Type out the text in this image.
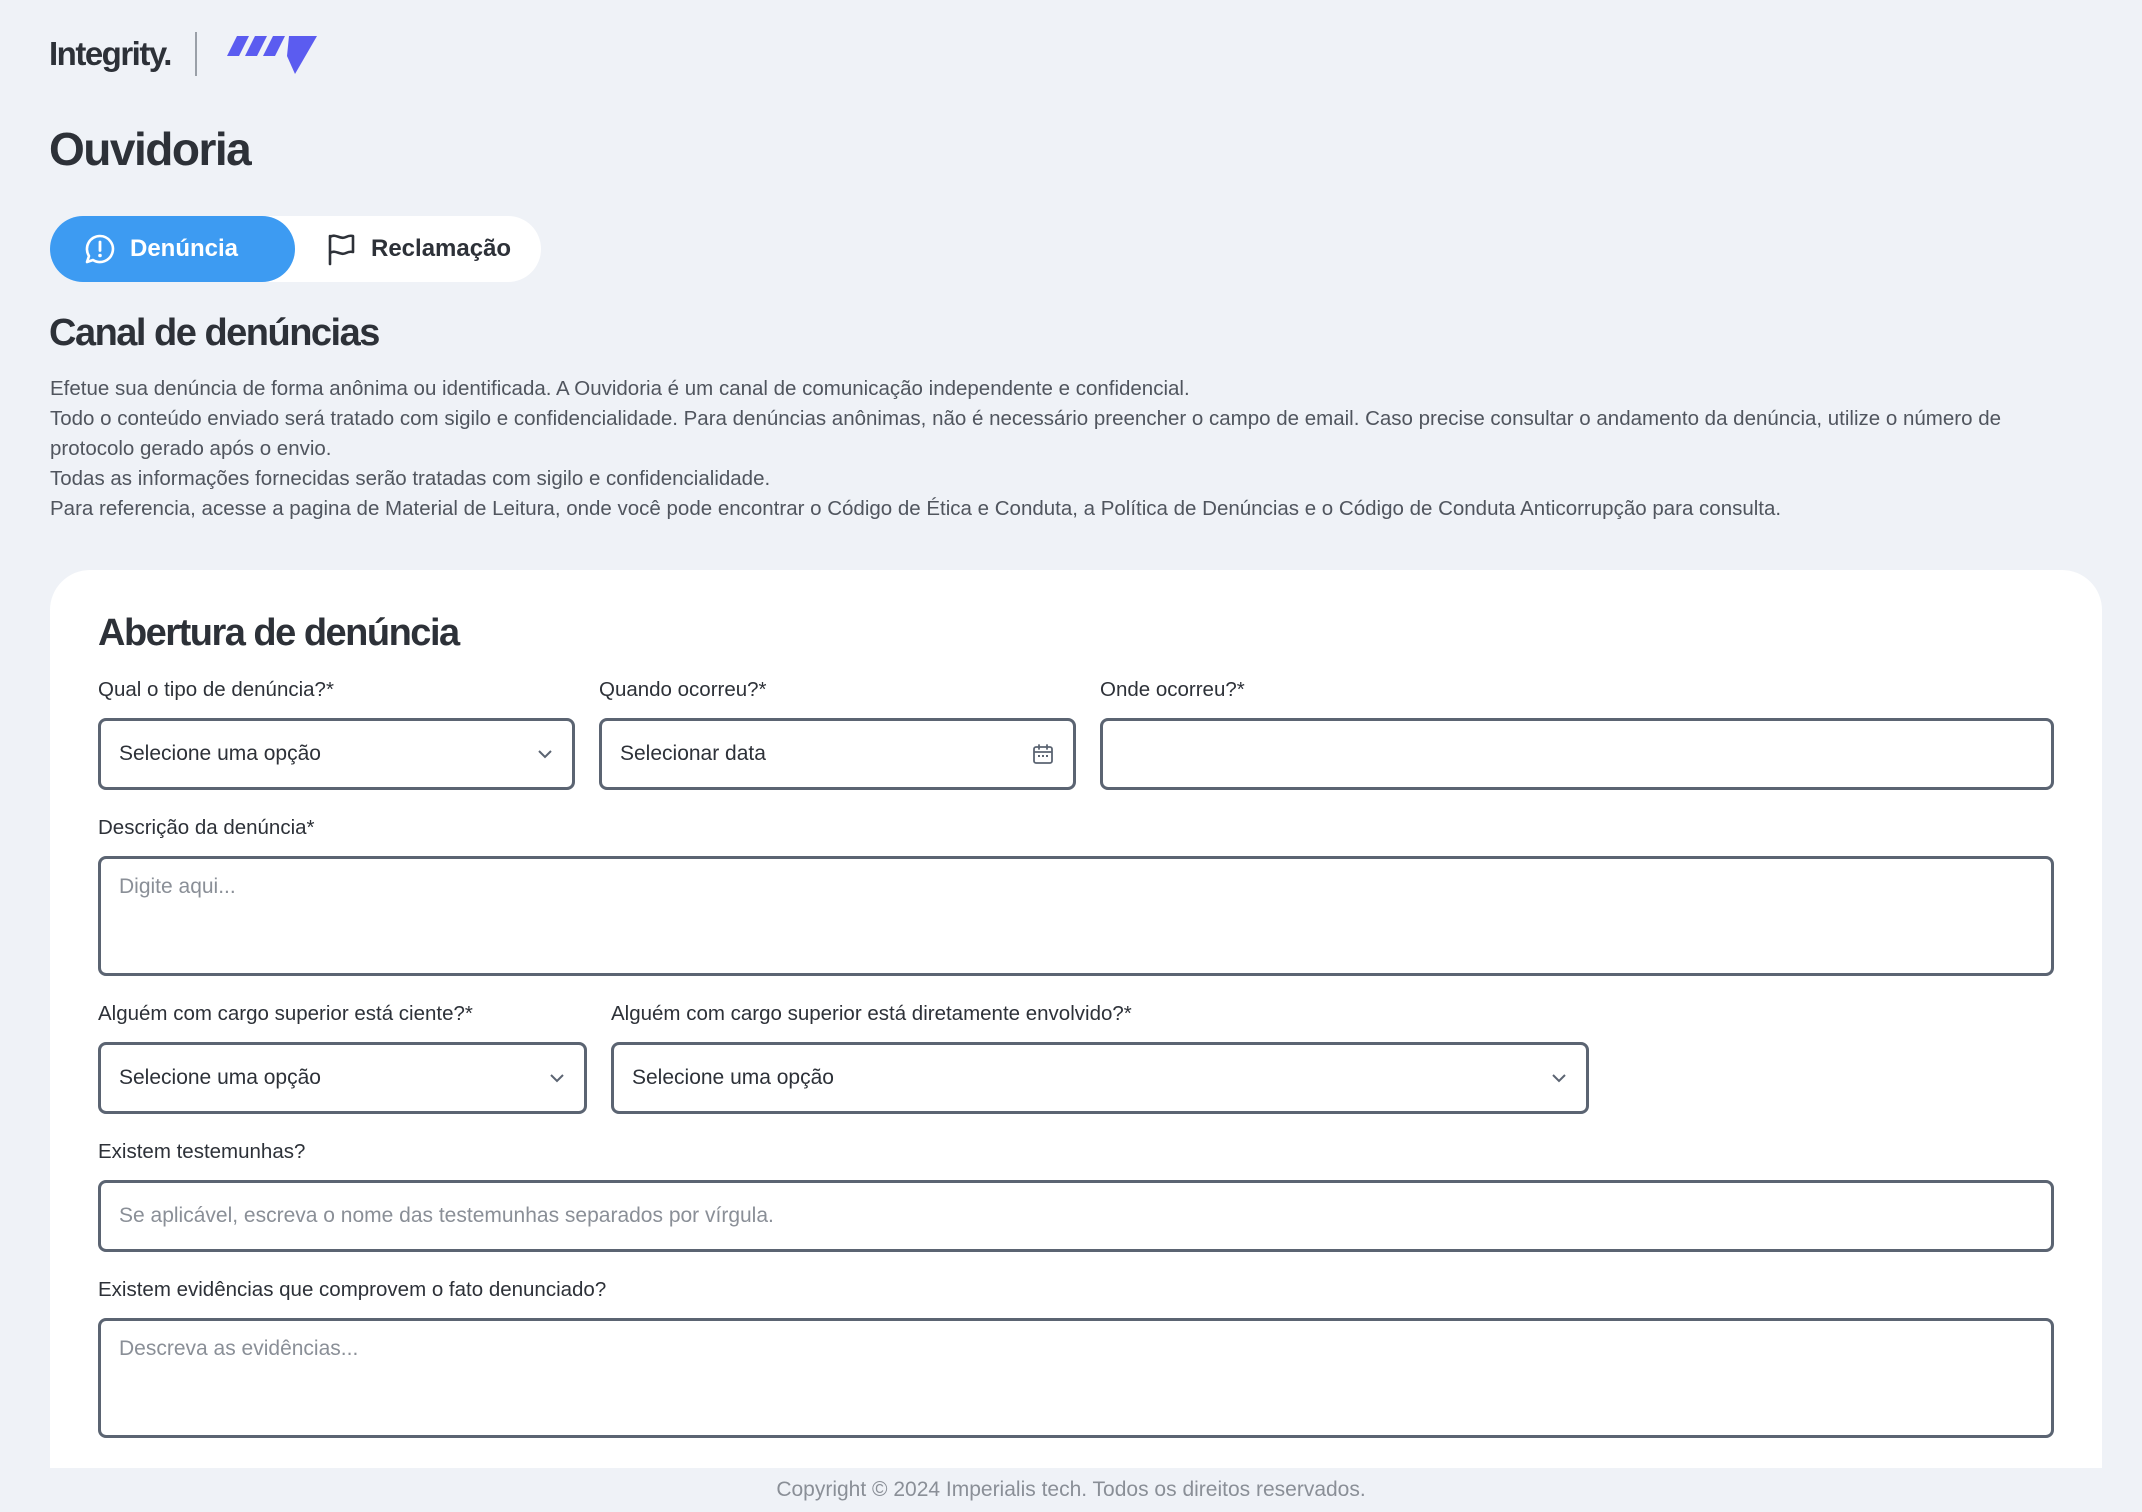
Integrity.
Ouvidoria
Denúncia	Reclamação
Canal de denúncias

Efetue sua denúncia de forma anônima ou identificada. A Ouvidoria é um canal de comunicação independente e confidencial.

Todo o conteúdo enviado será tratado com sigilo e confidencialidade. Para denúncias anônimas, não é necessário preencher o campo de email. Caso precise consultar o andamento da denúncia, utilize o número de protocolo gerado após o envio.

Todas as informações fornecidas serão tratadas com sigilo e confidencialidade.

Para referencia, acesse a pagina de Material de Leitura, onde você pode encontrar o Código de Ética e Conduta, a Política de Denúncias e o Código de Conduta Anticorrupção para consulta.

Abertura de denúncia
Qual o tipo de denúncia?*
Selecione uma opção
Quando ocorreu?*
Selecionar data
Onde ocorreu?*
Descrição da denúncia*
Digite aqui...
Alguém com cargo superior está ciente?*
Selecione uma opção
Alguém com cargo superior está diretamente envolvido?*
Selecione uma opção
Existem testemunhas?
Se aplicável, escreva o nome das testemunhas separados por vírgula.
Existem evidências que comprovem o fato denunciado?
Descreva as evidências...
Copyright © 2024 Imperialis tech. Todos os direitos reservados.
